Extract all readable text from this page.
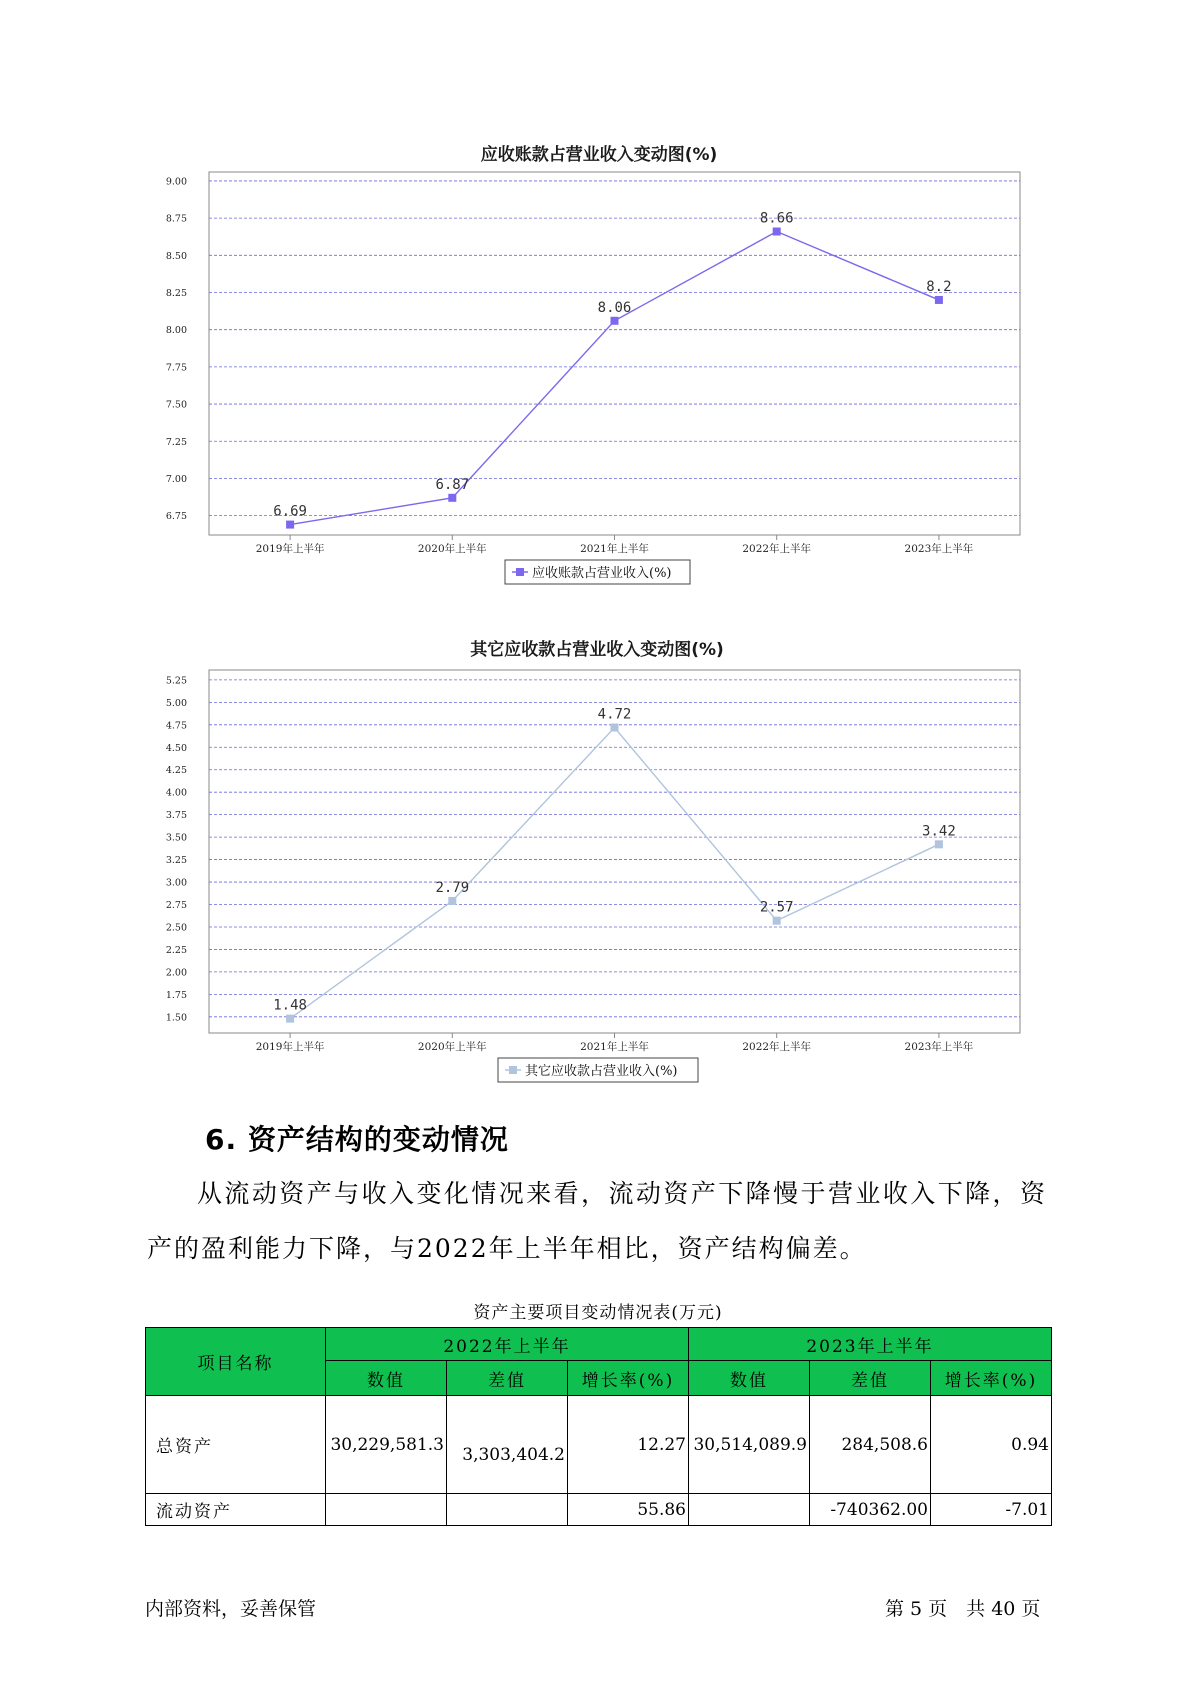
应收账款占营业收入变动图(%)
6.75
7.00
7.25
7.50
7.75
8.00
8.25
8.50
8.75
9.00
2019年上半年	2020年上半年	2021年上半年	2022年上半年	2023年上半年
6.69
6.87
8.06
8.66
8.2
应收账款占营业收入(%)
其它应收款占营业收入变动图(%)
1.50
1.75
2.00
2.25
2.50
2.75
3.00
3.25
3.50
3.75
4.00
4.25
4.50
4.75
5.00
5.25
2019年上半年	2020年上半年	2021年上半年	2022年上半年	2023年上半年
1.48
2.79
4.72
2.57
3.42
其它应收款占营业收入(%)
6. 资产结构的变动情况

从流动资产与收入变化情况来看，流动资产下降慢于营业收入下降，资产的盈利能力下降，与2022年上半年相比，资产结构偏差。

资产主要项目变动情况表(万元)
项目名称	2022年上半年			2023年上半年		
	数值	差值	增长率(%)	数值	差值	增长率(%)
总资产	30,229,581.3	3,303,404.2	12.27	30,514,089.9	284,508.6	0.94
流动资产			55.86		-740362.00	-7.01
内部资料，妥善保管	第 5 页　共 40 页
